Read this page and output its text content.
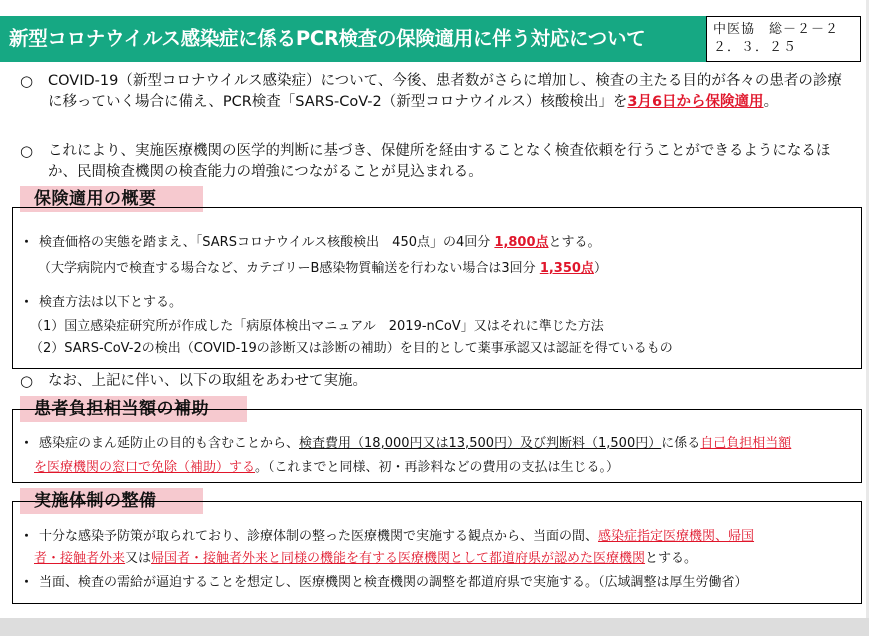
新型コロナウイルス感染症に係るPCR検査の保険適用に伴う対応について	中医協　総－２－２
２．３．２５
○	COVID-19（新型コロナウイルス感染症）について、今後、患者数がさらに増加し、検査の主たる目的が各々の患者の診療に移っていく場合に備え、PCR検査「SARS-CoV-2（新型コロナウイルス）核酸検出」を3月6日から保険適用。
○	これにより、実施医療機関の医学的判断に基づき、保健所を経由することなく検査依頼を行うことができるようになるほか、民間検査機関の検査能力の増強につながることが見込まれる。
保険適用の概要
・ 検査価格の実態を踏まえ、「SARSコロナウイルス核酸検出　450点」の4回分 1,800点とする。
（大学病院内で検査する場合など、カテゴリーB感染物質輸送を行わない場合は3回分 1,350点）
・ 検査方法は以下とする。
（1）国立感染症研究所が作成した「病原体検出マニュアル　2019-nCoV」又はそれに準じた方法
（2）SARS-CoV-2の検出（COVID-19の診断又は診断の補助）を目的として薬事承認又は認証を得ているもの
○	なお、上記に伴い、以下の取組をあわせて実施。
患者負担相当額の補助
・ 感染症のまん延防止の目的も含むことから、検査費用（18,000円又は13,500円）及び判断料（1,500円）に係る自己負担相当額
を医療機関の窓口で免除（補助）する。（これまでと同様、初・再診料などの費用の支払は生じる。）
実施体制の整備
・ 十分な感染予防策が取られており、診療体制の整った医療機関で実施する観点から、当面の間、感染症指定医療機関、帰国
者・接触者外来又は帰国者・接触者外来と同様の機能を有する医療機関として都道府県が認めた医療機関とする。
・ 当面、検査の需給が逼迫することを想定し、医療機関と検査機関の調整を都道府県で実施する。（広域調整は厚生労働省）
